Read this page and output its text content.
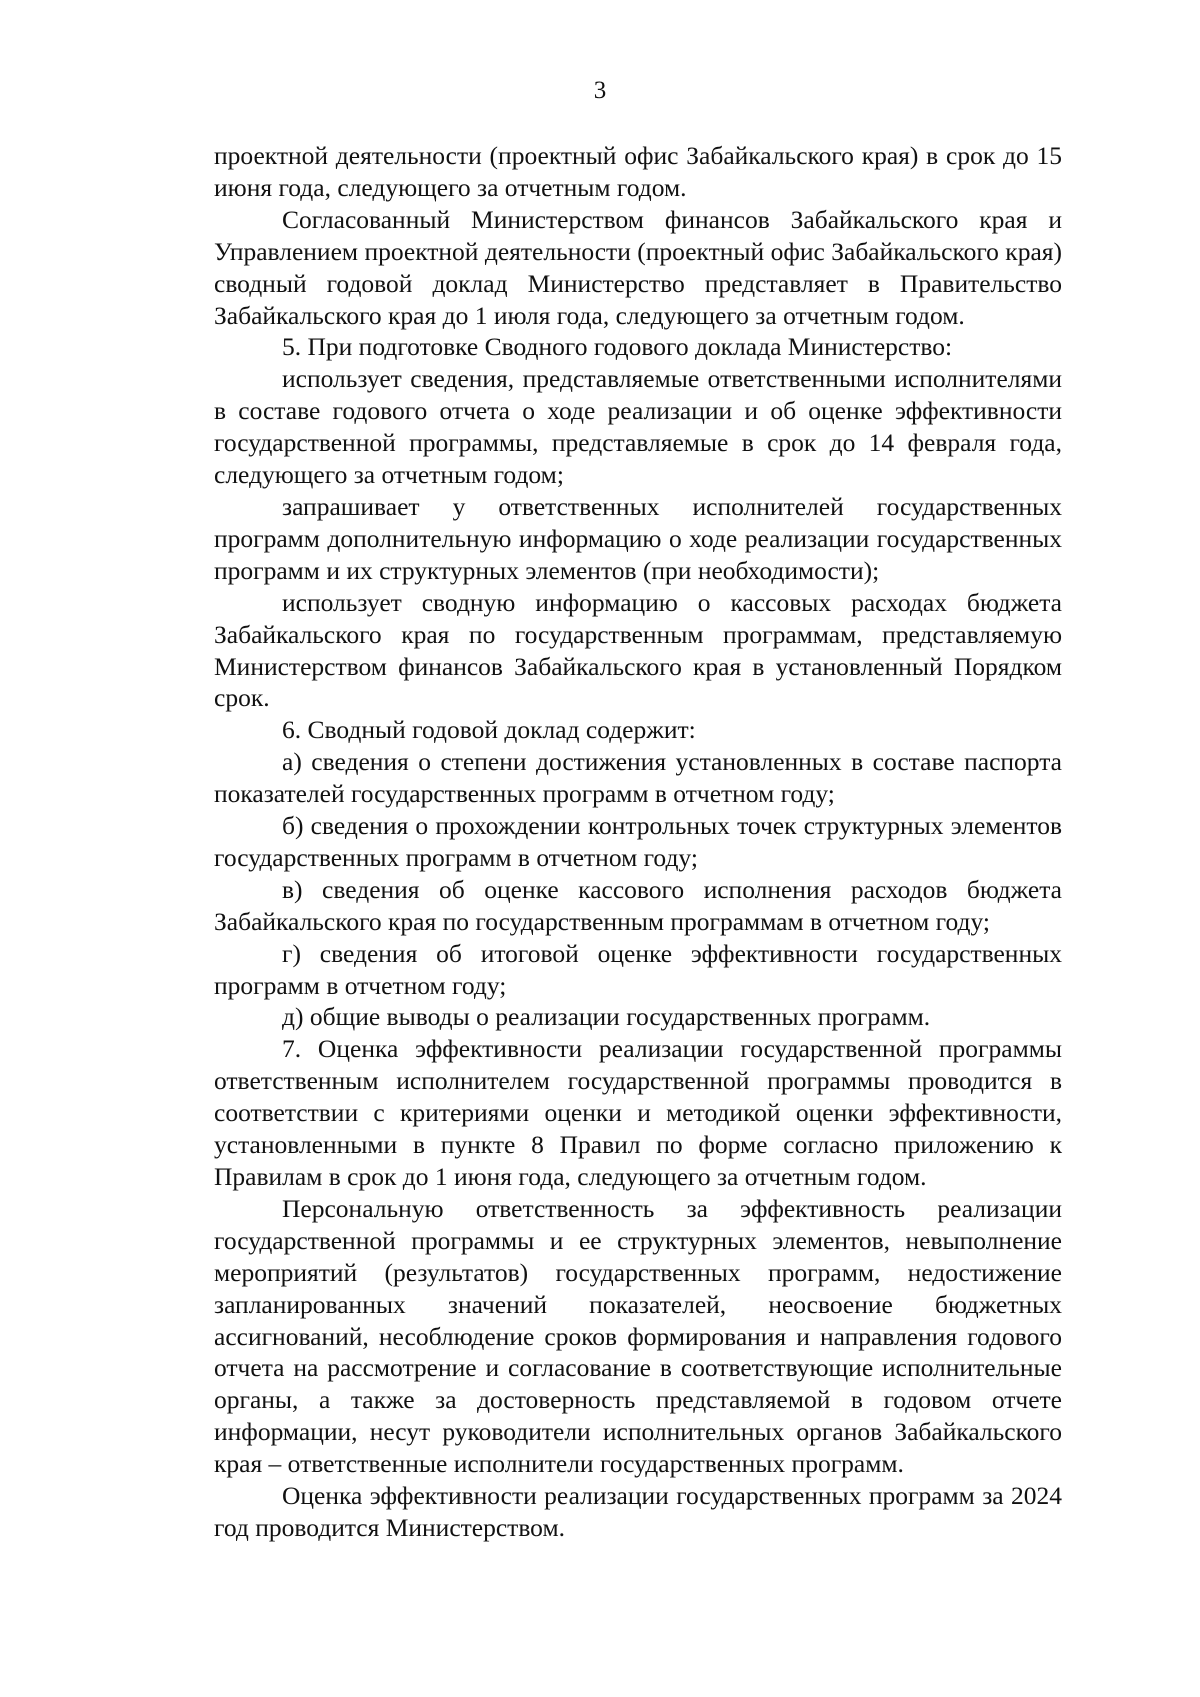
3

проектной деятельности (проектный офис Забайкальского края) в срок до 15 июня года, следующего за отчетным годом.

Согласованный Министерством финансов Забайкальского края и Управлением проектной деятельности (проектный офис Забайкальского края) сводный годовой доклад Министерство представляет в Правительство Забайкальского края до 1 июля года, следующего за отчетным годом.

5. При подготовке Сводного годового доклада Министерство:

использует сведения, представляемые ответственными исполнителями в составе годового отчета о ходе реализации и об оценке эффективности государственной программы, представляемые в срок до 14 февраля года, следующего за отчетным годом;

запрашивает у ответственных исполнителей государственных программ дополнительную информацию о ходе реализации государственных программ и их структурных элементов (при необходимости);

использует сводную информацию о кассовых расходах бюджета Забайкальского края по государственным программам, представляемую Министерством финансов Забайкальского края в установленный Порядком срок.

6. Сводный годовой доклад содержит:

а) сведения о степени достижения установленных в составе паспорта показателей государственных программ в отчетном году;

б) сведения о прохождении контрольных точек структурных элементов государственных программ в отчетном году;

в) сведения об оценке кассового исполнения расходов бюджета Забайкальского края по государственным программам в отчетном году;

г) сведения об итоговой оценке эффективности государственных программ в отчетном году;

д) общие выводы о реализации государственных программ.

7. Оценка эффективности реализации государственной программы ответственным исполнителем государственной программы проводится в соответствии с критериями оценки и методикой оценки эффективности, установленными в пункте 8 Правил по форме согласно приложению к Правилам в срок до 1 июня года, следующего за отчетным годом.

Персональную ответственность за эффективность реализации государственной программы и ее структурных элементов, невыполнение мероприятий (результатов) государственных программ, недостижение запланированных значений показателей, неосвоение бюджетных ассигнований, несоблюдение сроков формирования и направления годового отчета на рассмотрение и согласование в соответствующие исполнительные органы, а также за достоверность представляемой в годовом отчете информации, несут руководители исполнительных органов Забайкальского края – ответственные исполнители государственных программ.

Оценка эффективности реализации государственных программ за 2024 год проводится Министерством.
